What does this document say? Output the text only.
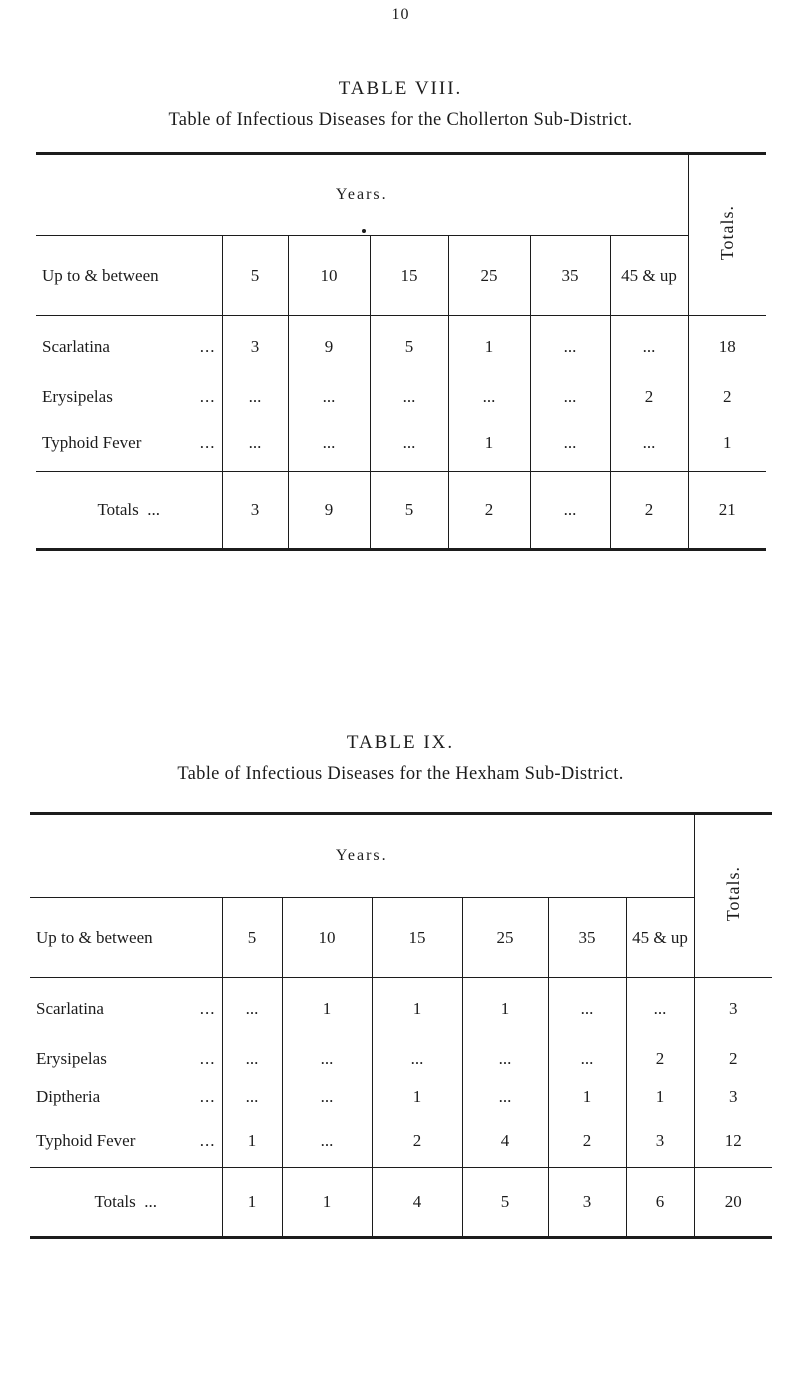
10
TABLE VIII.
Table of Infectious Diseases for the Chollerton Sub-District.
Years.							Totals.
Up to & between	5	10	15	25	35	45 & up	

Scarlatina ...	3	9	5	1	...	...	18

Erysipelas ...	...	...	...	...	...	2	2

Typhoid Fever ...	...	...	...	1	...	...	1
Totals ...	3	9	5	2	...	2	21
TABLE IX.
Table of Infectious Diseases for the Hexham Sub-District.
Years.							Totals.
Up to & between	5	10	15	25	35	45 & up	

Scarlatina ...	...	1	1	1	...	...	3

Erysipelas ...	...	...	...	...	...	2	2

Diptheria ...	...	...	1	...	1	1	3

Typhoid Fever ...	1	...	2	4	2	3	12
Totals ...	1	1	4	5	3	6	20
